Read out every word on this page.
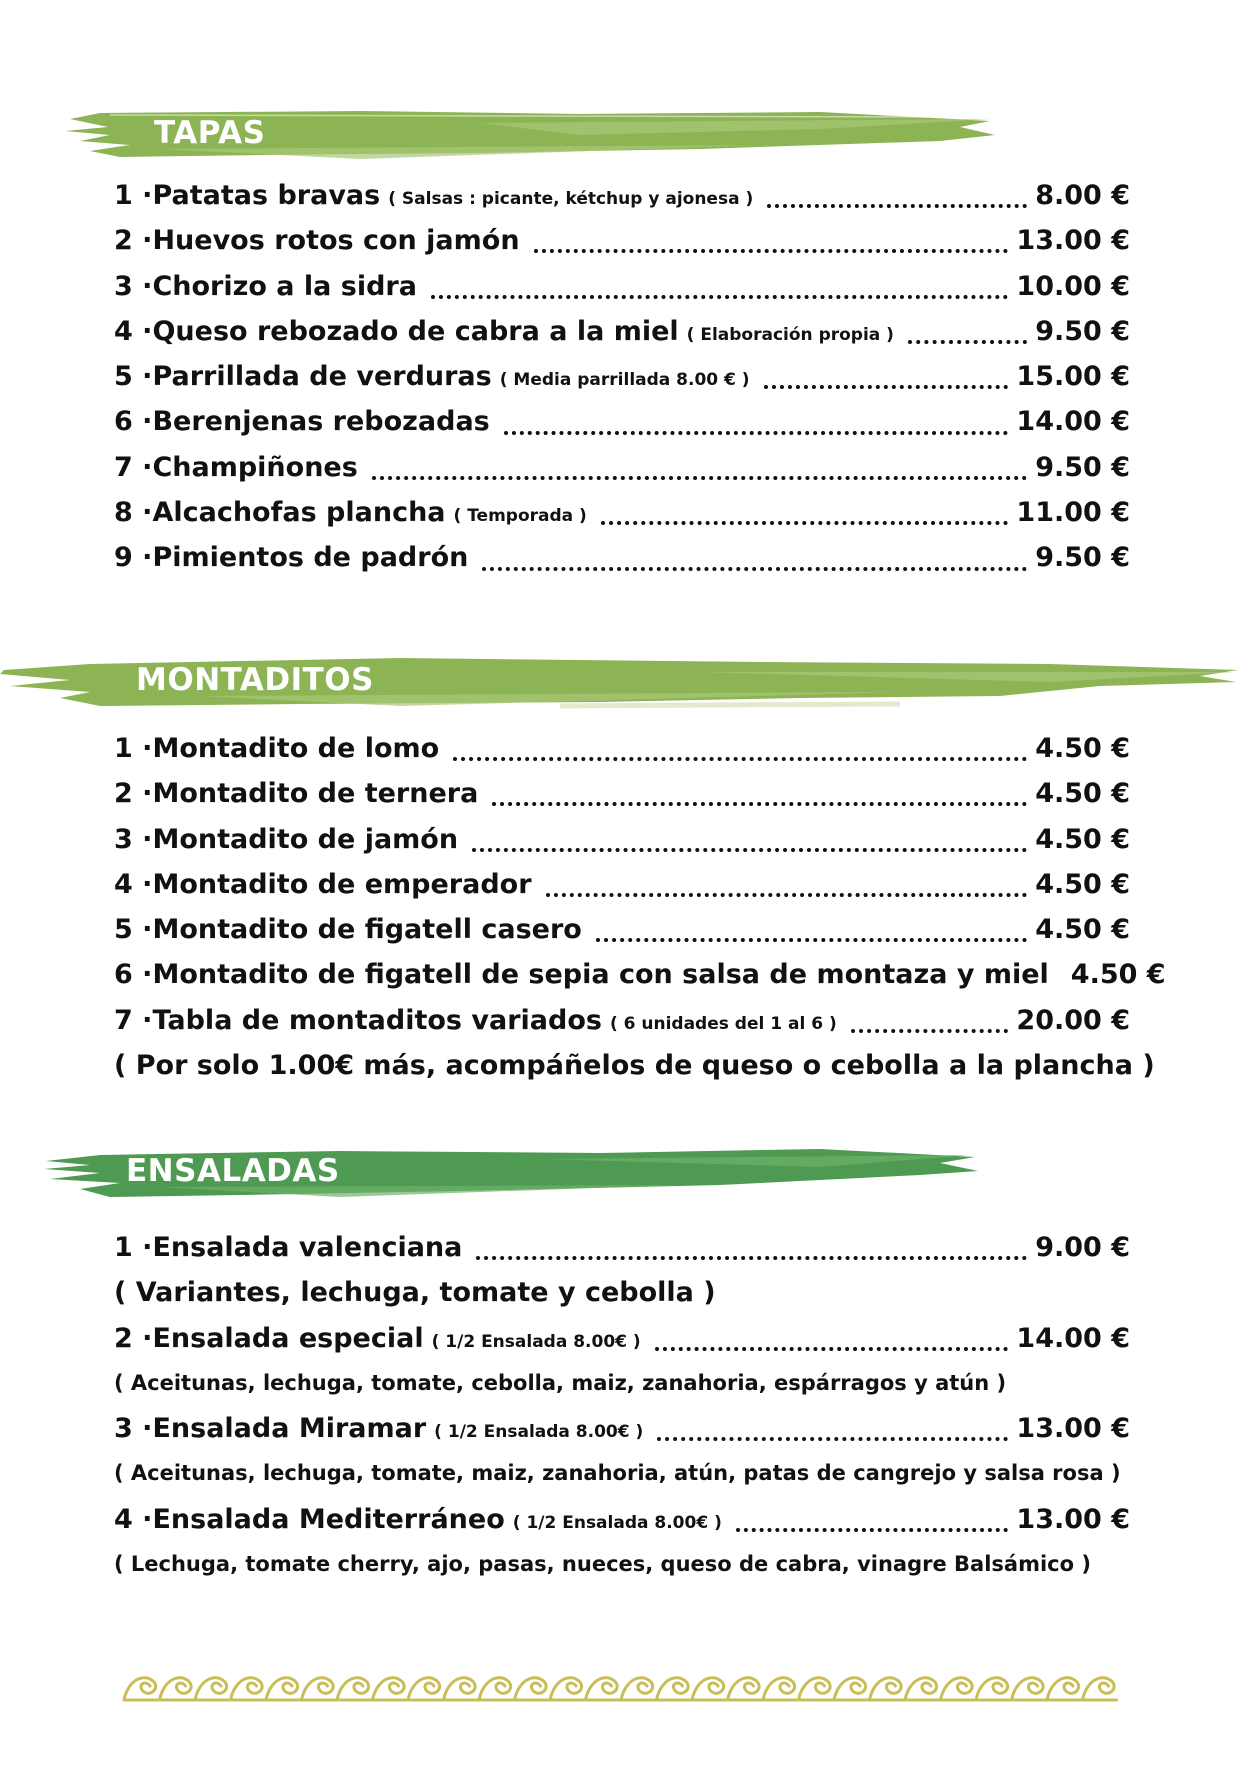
TAPAS
1 · Patatas bravas ( Salsas : picante, kétchup y ajonesa )	8.00 €
2 · Huevos rotos con jamón	13.00 €
3 · Chorizo a la sidra	10.00 €
4 · Queso rebozado de cabra a la miel ( Elaboración propia )	9.50 €
5 · Parrillada de verduras ( Media parrillada 8.00 € )	15.00 €
6 · Berenjenas rebozadas	14.00 €
7 · Champiñones	9.50 €
8 · Alcachofas plancha ( Temporada )	11.00 €
9 · Pimientos de padrón	9.50 €
MONTADITOS
1 · Montadito de lomo	4.50 €
2 · Montadito de ternera	4.50 €
3 · Montadito de jamón	4.50 €
4 · Montadito de emperador	4.50 €
5 · Montadito de figatell casero	4.50 €
6 · Montadito de figatell de sepia con salsa de montaza y miel 4.50 €
7 · Tabla de montaditos variados ( 6 unidades del 1 al 6 )	20.00 €
( Por solo 1.00€ más, acompáñelos de queso o cebolla a la plancha )
ENSALADAS
1 · Ensalada valenciana	9.00 €
( Variantes, lechuga, tomate y cebolla )
2 · Ensalada especial ( 1/2 Ensalada 8.00€ )	14.00 €
( Aceitunas, lechuga, tomate, cebolla, maiz, zanahoria, espárragos y atún )
3 · Ensalada Miramar ( 1/2 Ensalada 8.00€ )	13.00 €
( Aceitunas, lechuga, tomate, maiz, zanahoria, atún, patas de cangrejo y salsa rosa )
4 · Ensalada Mediterráneo ( 1/2 Ensalada 8.00€ )	13.00 €
( Lechuga, tomate cherry, ajo, pasas, nueces, queso de cabra, vinagre Balsámico )
